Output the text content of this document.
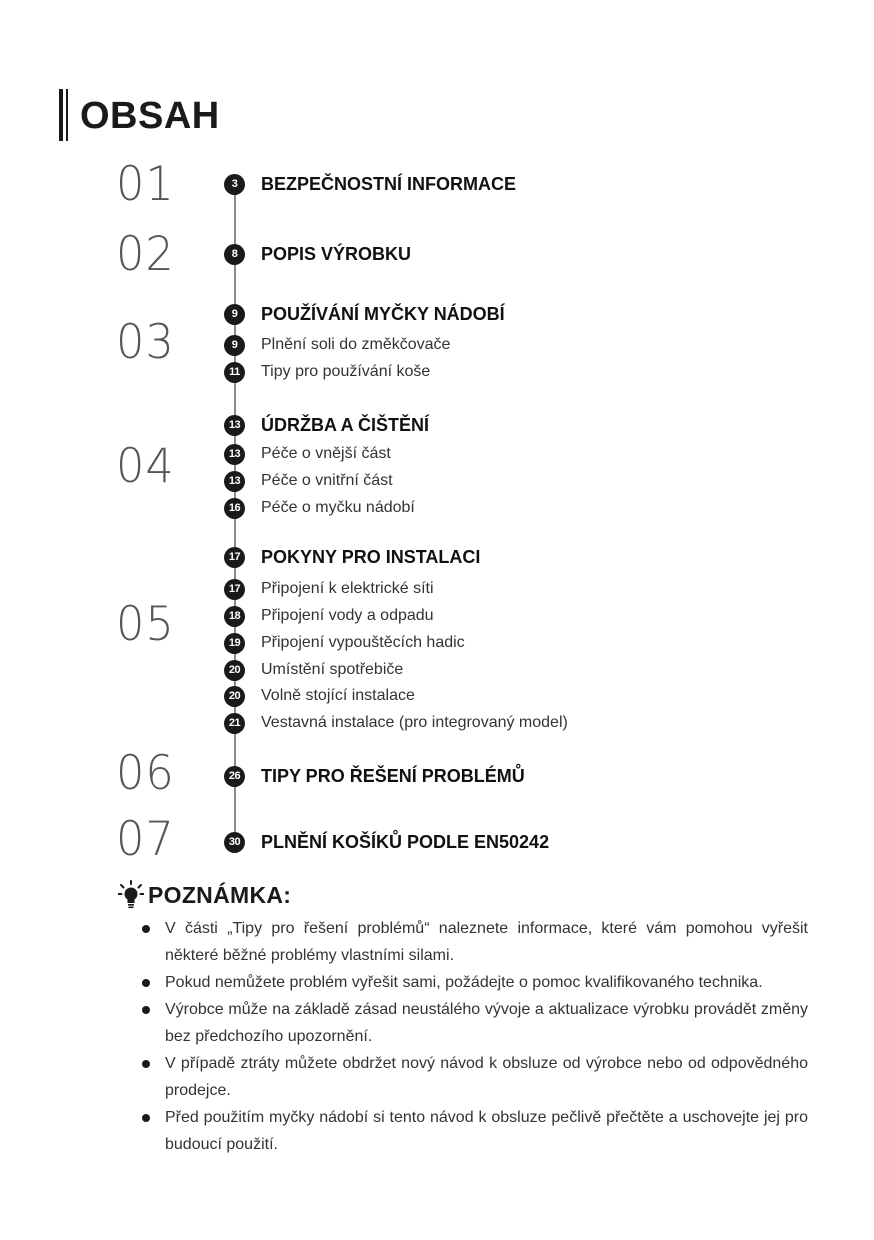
OBSAH
01	3	BEZPEČNOSTNÍ INFORMACE
02	8	POPIS VÝROBKU
03
9	POUŽÍVÁNÍ MYČKY NÁDOBÍ
9	Plnění soli do změkčovače
11	Tipy pro používání koše
04
13 ÚDRŽBA A ČIŠTĚNÍ
13	Péče o vnější část
13	Péče o vnitřní část
16	Péče o myčku nádobí
05
17 POKYNY PRO INSTALACI
17	Připojení k elektrické síti
18	Připojení vody a odpadu
19	Připojení vypouštěcích hadic
20	Umístění spotřebiče
20	Volně stojící instalace
21	Vestavná instalace (pro integrovaný model)
06	26 TIPY PRO ŘEŠENÍ PROBLÉMŮ
07	30 PLNĚNÍ KOŠÍKŮ PODLE EN50242
POZNÁMKA:
V části „Tipy pro řešení problémů“ naleznete informace, které vám pomohou vyřešit některé běžné problémy vlastními silami.
Pokud nemůžete problém vyřešit sami, požádejte o pomoc kvalifikovaného technika.
Výrobce může na základě zásad neustálého vývoje a aktualizace výrobku provádět změny bez předchozího upozornění.
V případě ztráty můžete obdržet nový návod k obsluze od výrobce nebo od odpovědného prodejce.
Před použitím myčky nádobí si tento návod k obsluze pečlivě přečtěte a uschovejte jej pro budoucí použití.
